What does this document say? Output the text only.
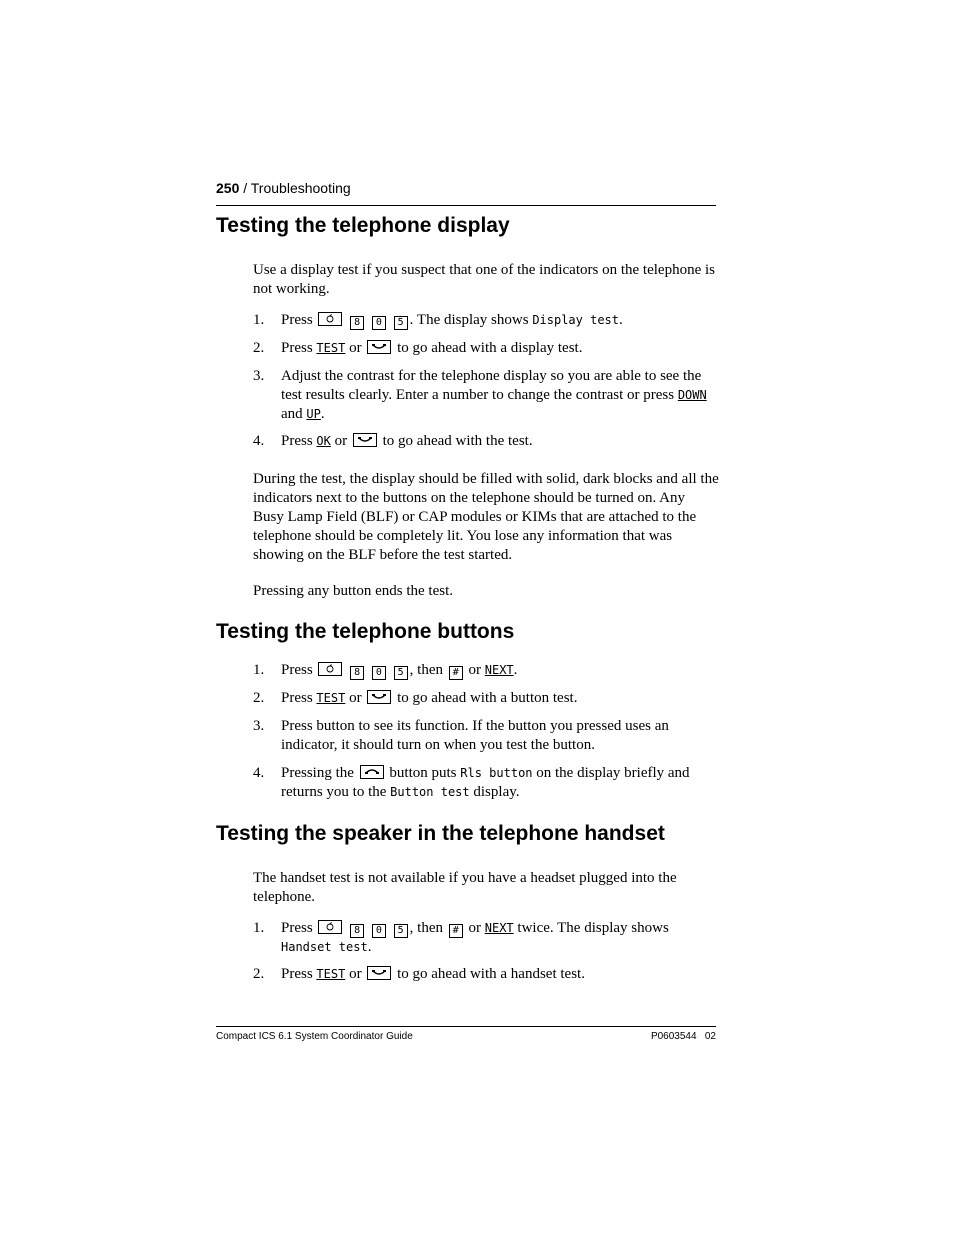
250 / Troubleshooting
Testing the telephone display

Use a display test if you suspect that one of the indicators on the telephone is not working.

1. Press	8 0 5 . The display shows Display test.
2. Press TEST or to go ahead with a display test.
3. Adjust the contrast for the telephone display so you are able to see the test results clearly. Enter a number to change the contrast or press DOWN and UP.
4. Press OK or to go ahead with the test.

During the test, the display should be filled with solid, dark blocks and all the indicators next to the buttons on the telephone should be turned on. Any Busy Lamp Field (BLF) or CAP modules or KIMs that are attached to the telephone should be completely lit. You lose any information that was showing on the BLF before the test started.

Pressing any button ends the test.

Testing the telephone buttons
1. Press	8 0 5 , then # or NEXT.
2. Press TEST or to go ahead with a button test.
3. Press button to see its function. If the button you pressed uses an indicator, it should turn on when you test the button.
4. Pressing the button puts Rls button on the display briefly and returns you to the Button test display.
Testing the speaker in the telephone handset

The handset test is not available if you have a headset plugged into the telephone.

1. Press	8 0 5 , then # or NEXT twice. The display shows Handset test.
2. Press TEST or to go ahead with a handset test.
Compact ICS 6.1 System Coordinator Guide	P0603544   02
